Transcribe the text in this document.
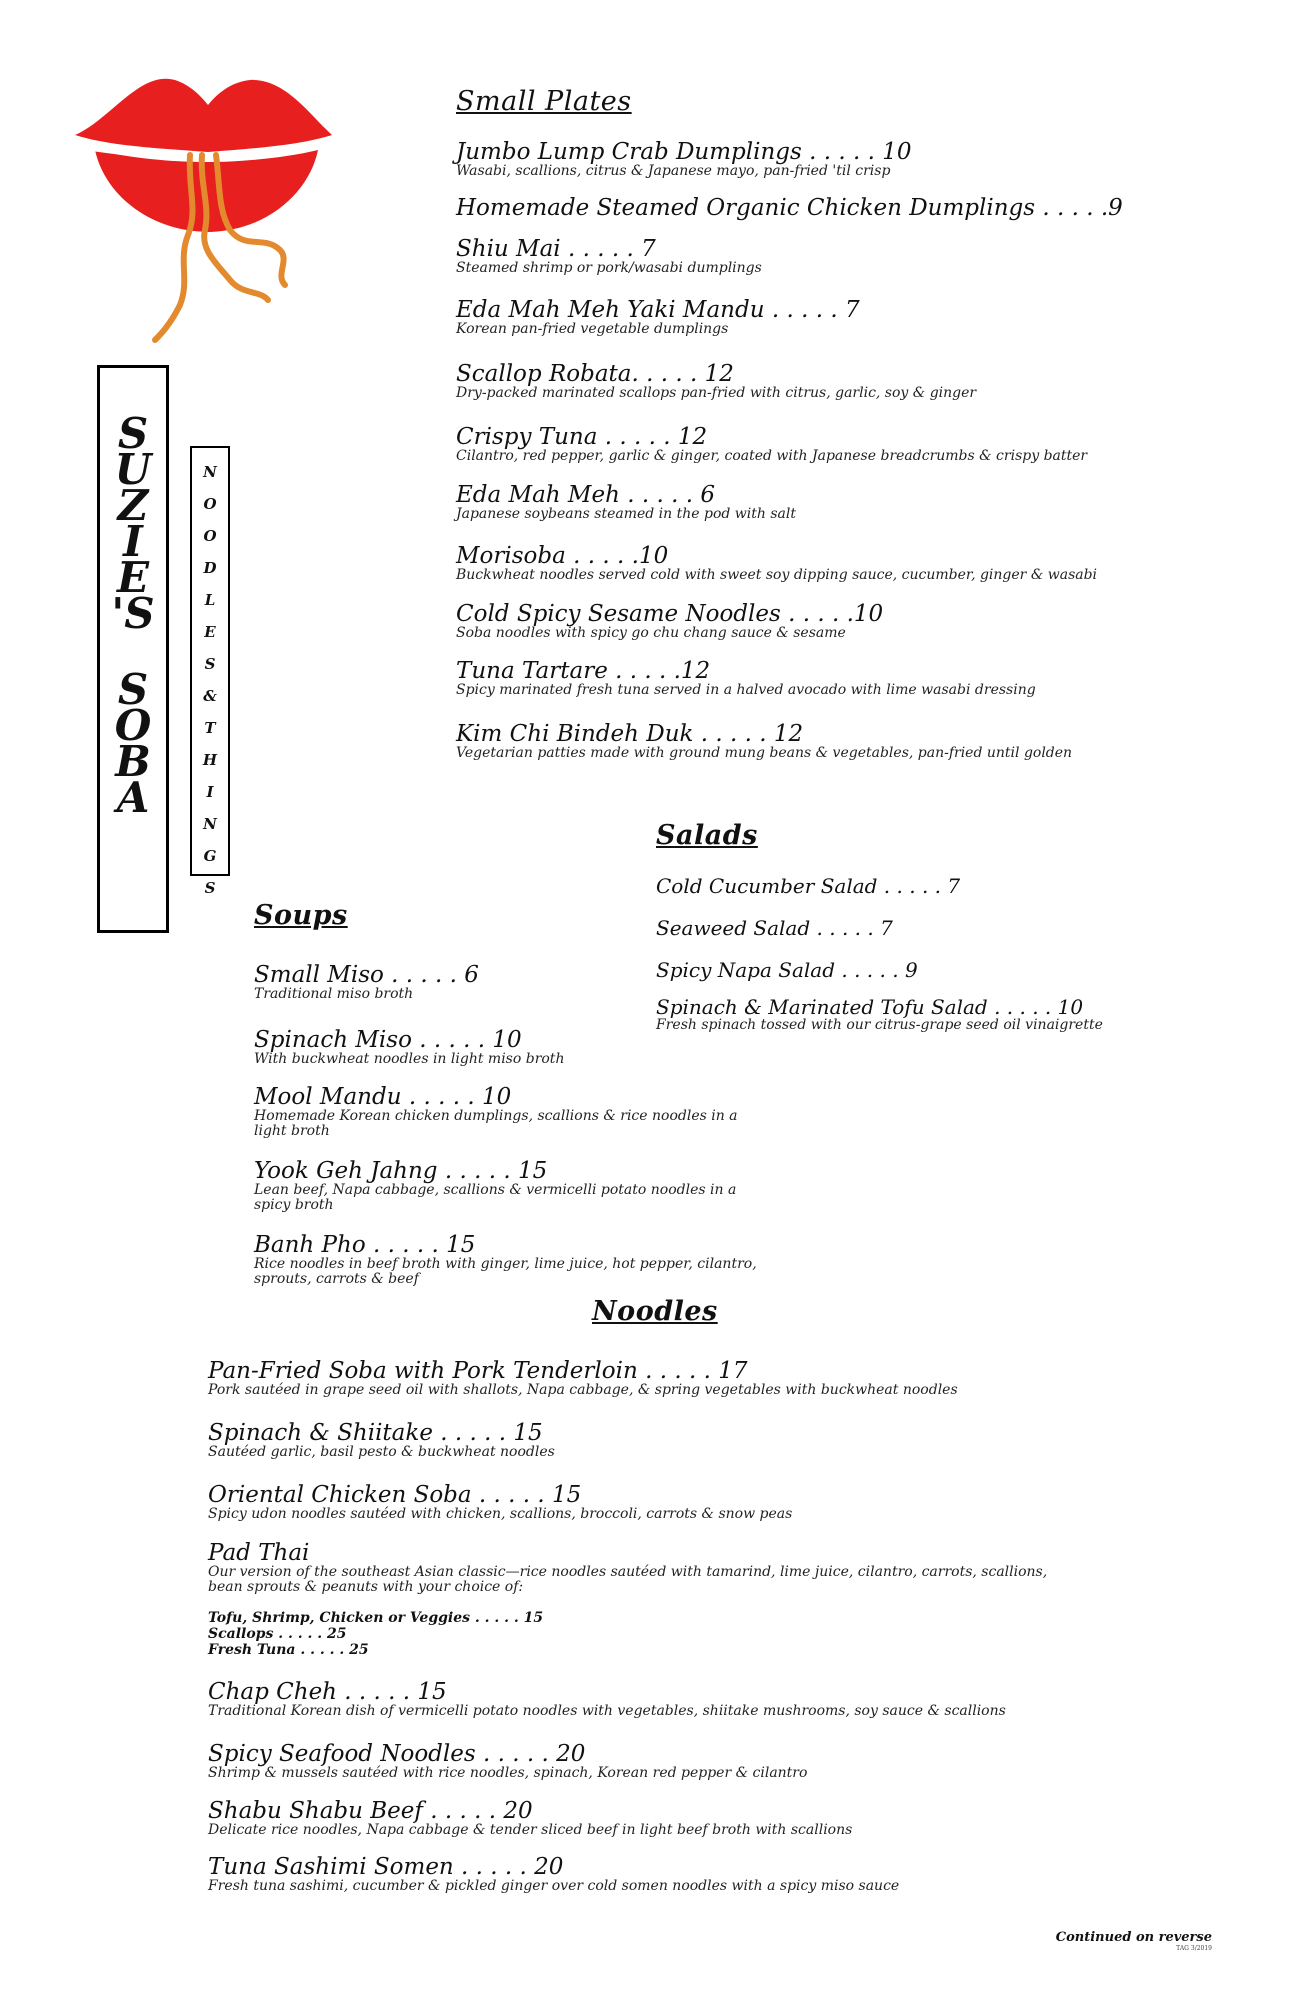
S
U
Z
I
E
'S
S
O
B
A
N
O
O
D
L
E
S
&
T
H
I
N
G
S
Small Plates
Jumbo Lump Crab Dumplings . . . . . 10
Wasabi, scallions, citrus & Japanese mayo, pan-fried 'til crisp
Homemade Steamed Organic Chicken Dumplings . . . . .9
Shiu Mai . . . . . 7
Steamed shrimp or pork/wasabi dumplings
Eda Mah Meh Yaki Mandu . . . . . 7
Korean pan-fried vegetable dumplings
Scallop Robata. . . . . 12
Dry-packed marinated scallops pan-fried with citrus, garlic, soy & ginger
Crispy Tuna . . . . . 12
Cilantro, red pepper, garlic & ginger, coated with Japanese breadcrumbs & crispy batter
Eda Mah Meh . . . . . 6
Japanese soybeans steamed in the pod with salt
Morisoba . . . . .10
Buckwheat noodles served cold with sweet soy dipping sauce, cucumber, ginger & wasabi
Cold Spicy Sesame Noodles . . . . .10
Soba noodles with spicy go chu chang sauce & sesame
Tuna Tartare . . . . .12
Spicy marinated fresh tuna served in a halved avocado with lime wasabi dressing
Kim Chi Bindeh Duk . . . . . 12
Vegetarian patties made with ground mung beans & vegetables, pan-fried until golden
Salads
Cold Cucumber Salad . . . . . 7
Seaweed Salad . . . . . 7
Spicy Napa Salad . . . . . 9
Spinach & Marinated Tofu Salad . . . . . 10
Fresh spinach tossed with our citrus-grape seed oil vinaigrette
Soups
Small Miso . . . . . 6
Traditional miso broth
Spinach Miso . . . . . 10
With buckwheat noodles in light miso broth
Mool Mandu . . . . . 10
Homemade Korean chicken dumplings, scallions & rice noodles in a light broth
Yook Geh Jahng . . . . . 15
Lean beef, Napa cabbage, scallions & vermicelli potato noodles in a spicy broth
Banh Pho . . . . . 15
Rice noodles in beef broth with ginger, lime juice, hot pepper, cilantro, sprouts, carrots & beef
Noodles
Pan-Fried Soba with Pork Tenderloin . . . . . 17
Pork sautéed in grape seed oil with shallots, Napa cabbage, & spring vegetables with buckwheat noodles
Spinach & Shiitake . . . . . 15
Sautéed garlic, basil pesto & buckwheat noodles
Oriental Chicken Soba . . . . . 15
Spicy udon noodles sautéed with chicken, scallions, broccoli, carrots & snow peas
Pad Thai
Our version of the southeast Asian classic—rice noodles sautéed with tamarind, lime juice, cilantro, carrots, scallions, bean sprouts & peanuts with your choice of:
Chap Cheh . . . . . 15
Traditional Korean dish of vermicelli potato noodles with vegetables, shiitake mushrooms, soy sauce & scallions
Spicy Seafood Noodles . . . . . 20
Shrimp & mussels sautéed with rice noodles, spinach, Korean red pepper & cilantro
Shabu Shabu Beef . . . . . 20
Delicate rice noodles, Napa cabbage & tender sliced beef in light beef broth with scallions
Tuna Sashimi Somen . . . . . 20
Fresh tuna sashimi, cucumber & pickled ginger over cold somen noodles with a spicy miso sauce
Tofu, Shrimp, Chicken or Veggies . . . . . 15
Scallops . . . . . 25
Fresh Tuna . . . . . 25
Continued on reverse
TAG 3/2019
